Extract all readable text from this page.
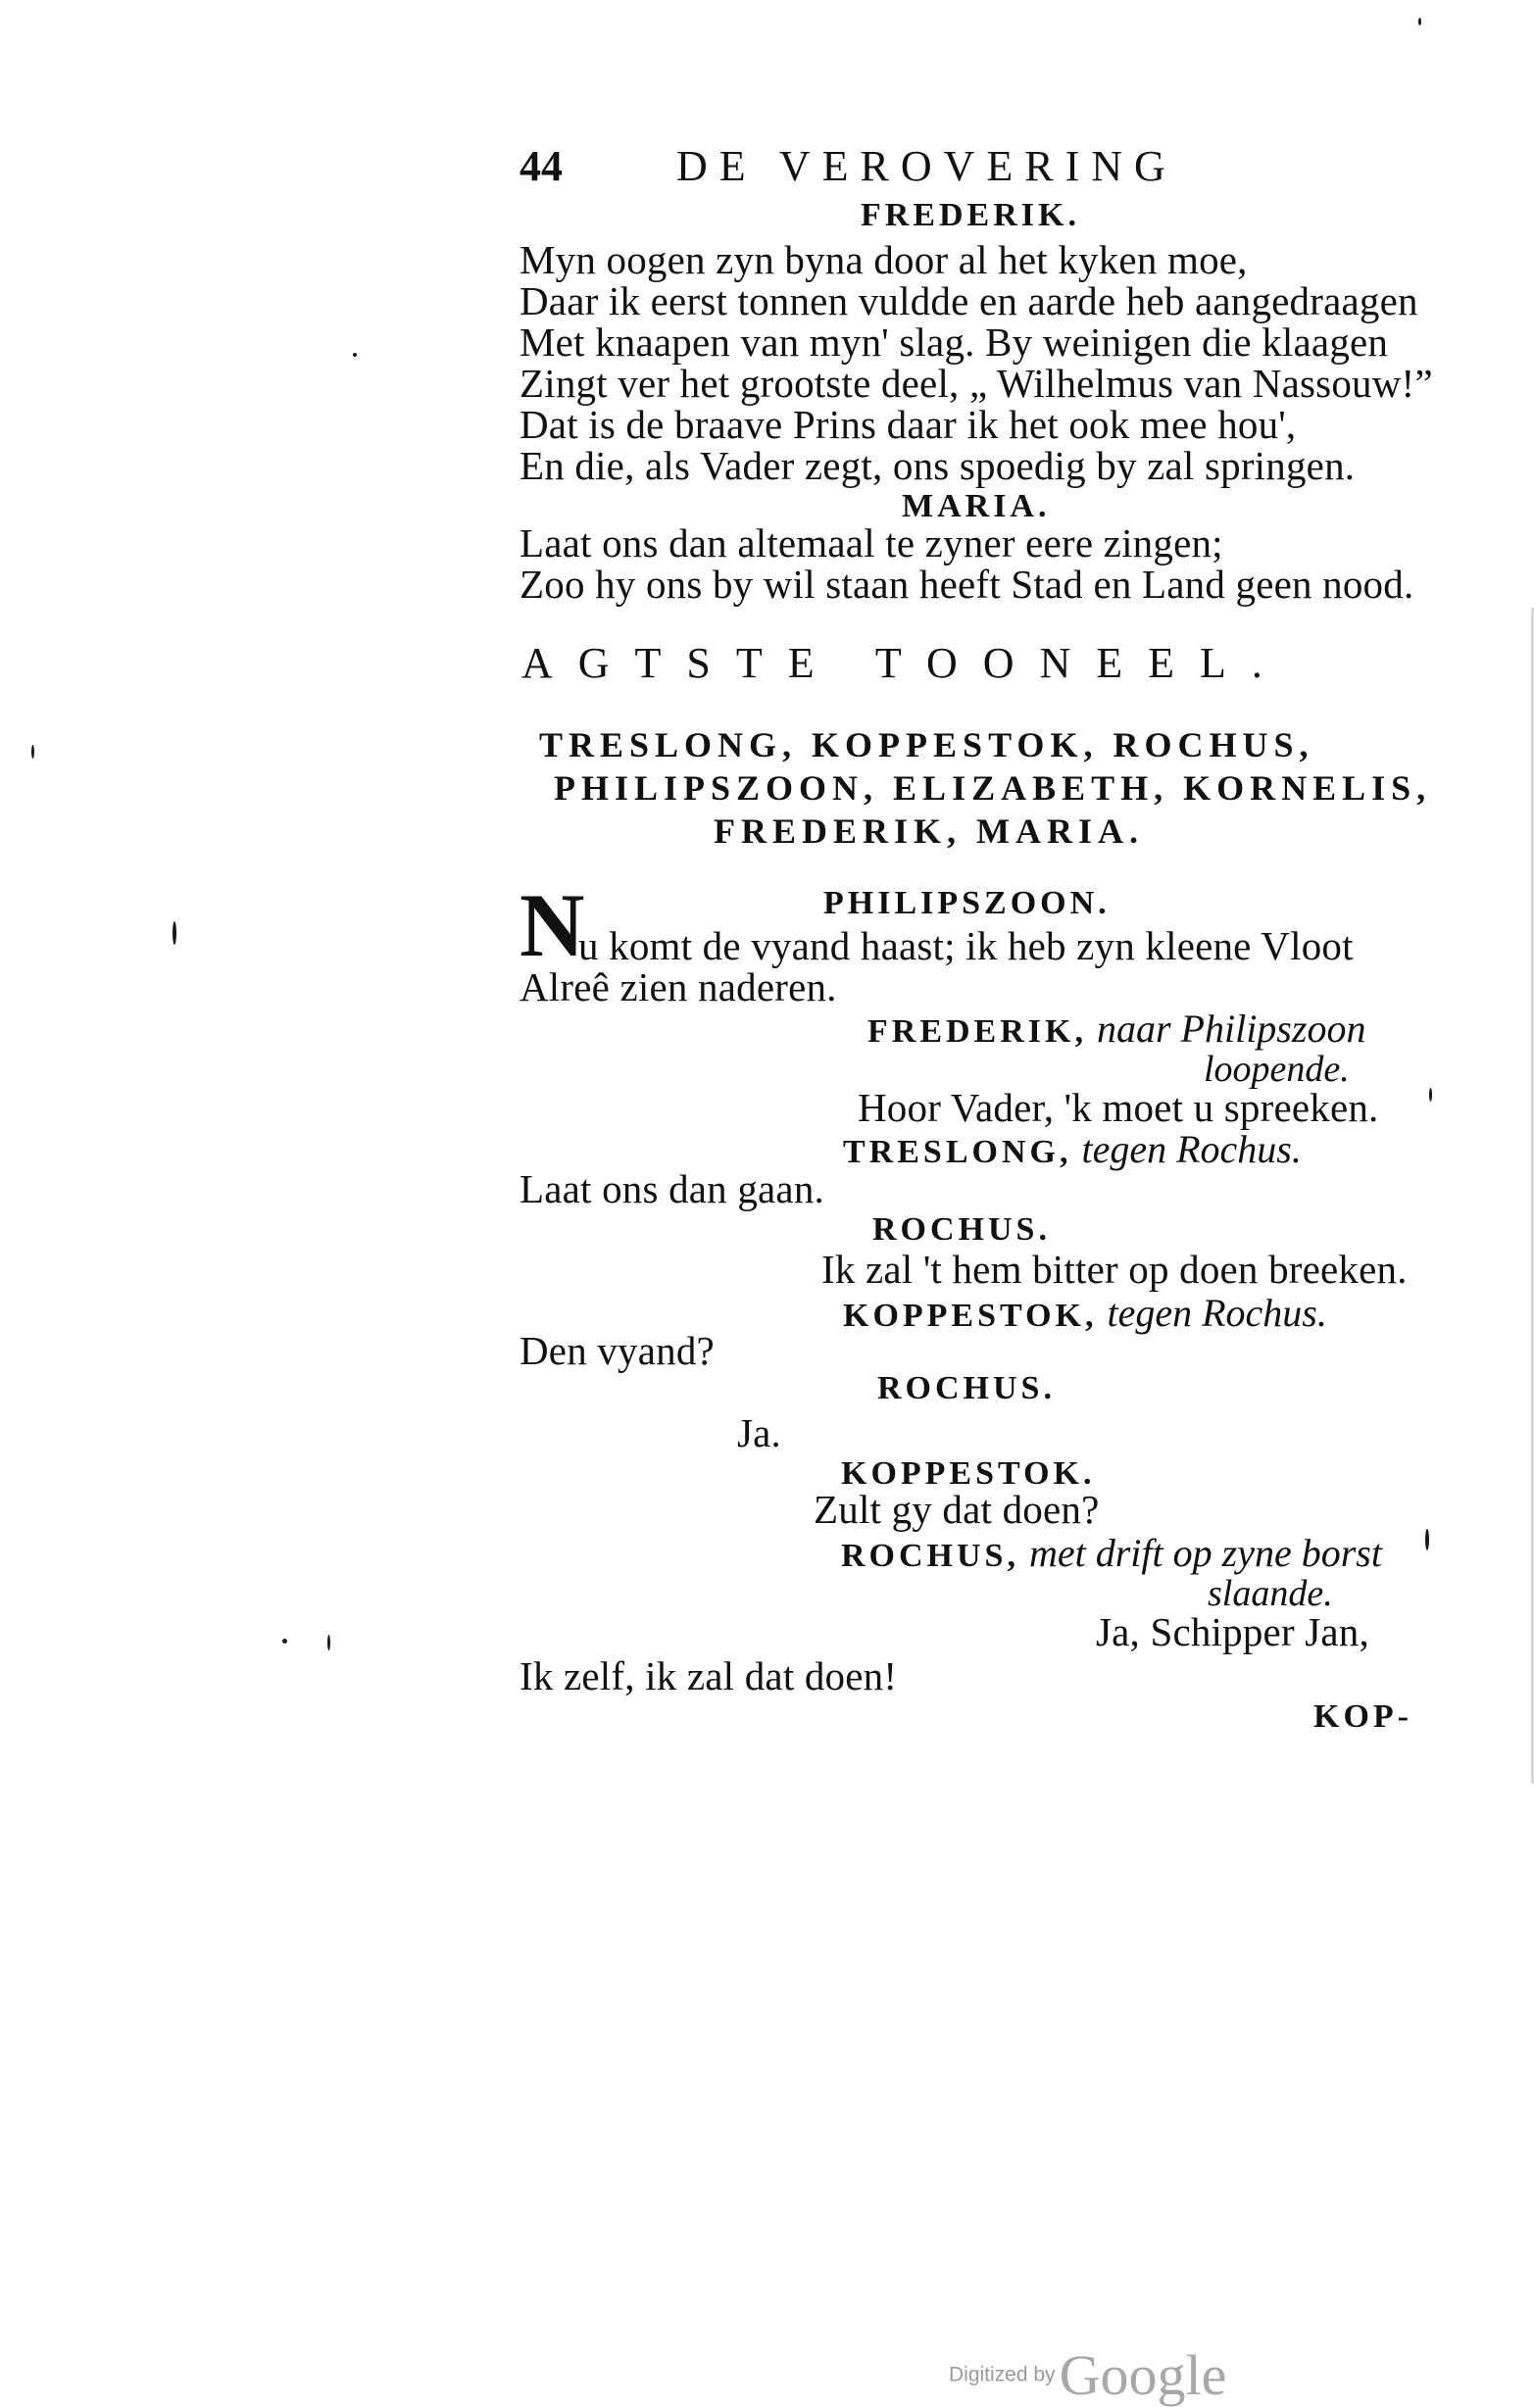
44	DE VEROVERING
FREDERIK.
Myn oogen zyn byna door al het kyken moe,
Daar ik eerst tonnen vuldde en aarde heb aangedraagen
Met knaapen van myn' slag. By weinigen die klaagen
Zingt ver het grootste deel, „ Wilhelmus van Nassouw!”
Dat is de braave Prins daar ik het ook mee hou',
En die, als Vader zegt, ons spoedig by zal springen.
MARIA.
Laat ons dan altemaal te zyner eere zingen;
Zoo hy ons by wil staan heeft Stad en Land geen nood.
AGTSTE TOONEEL.
TRESLONG, KOPPESTOK, ROCHUS,
PHILIPSZOON, ELIZABETH, KORNELIS,
FREDERIK, MARIA.
PHILIPSZOON.
N
u komt de vyand haast; ik heb zyn kleene Vloot
Alreê zien naderen.
FREDERIK, naar Philipszoon
loopende.
Hoor Vader, 'k moet u spreeken.
TRESLONG, tegen Rochus.
Laat ons dan gaan.
ROCHUS.
Ik zal 't hem bitter op doen breeken.
KOPPESTOK, tegen Rochus.
Den vyand?
ROCHUS.
Ja.
KOPPESTOK.
Zult gy dat doen?
ROCHUS, met drift op zyne borst
slaande.
Ja, Schipper Jan,
Ik zelf, ik zal dat doen!
KOP-
Digitized by Google
